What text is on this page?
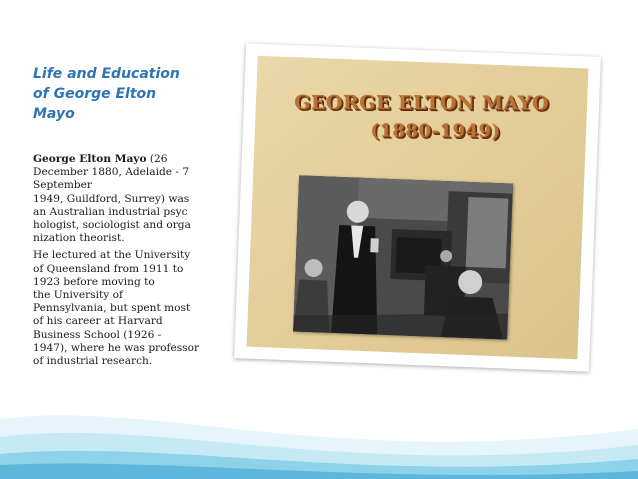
Life and Education
of George Elton
Mayo

George Elton Mayo (26
December 1880, Adelaide - 7
September
1949, Guildford, Surrey) was
an Australian industrial psyc
hologist, sociologist and orga
nization theorist.

He lectured at the University
of Queensland from 1911 to
1923 before moving to
the University of
Pennsylvania, but spent most
of his career at Harvard
Business School (1926 -
1947), where he was professor
of industrial research.

GEORGE ELTON MAYO
(1880-1949)
